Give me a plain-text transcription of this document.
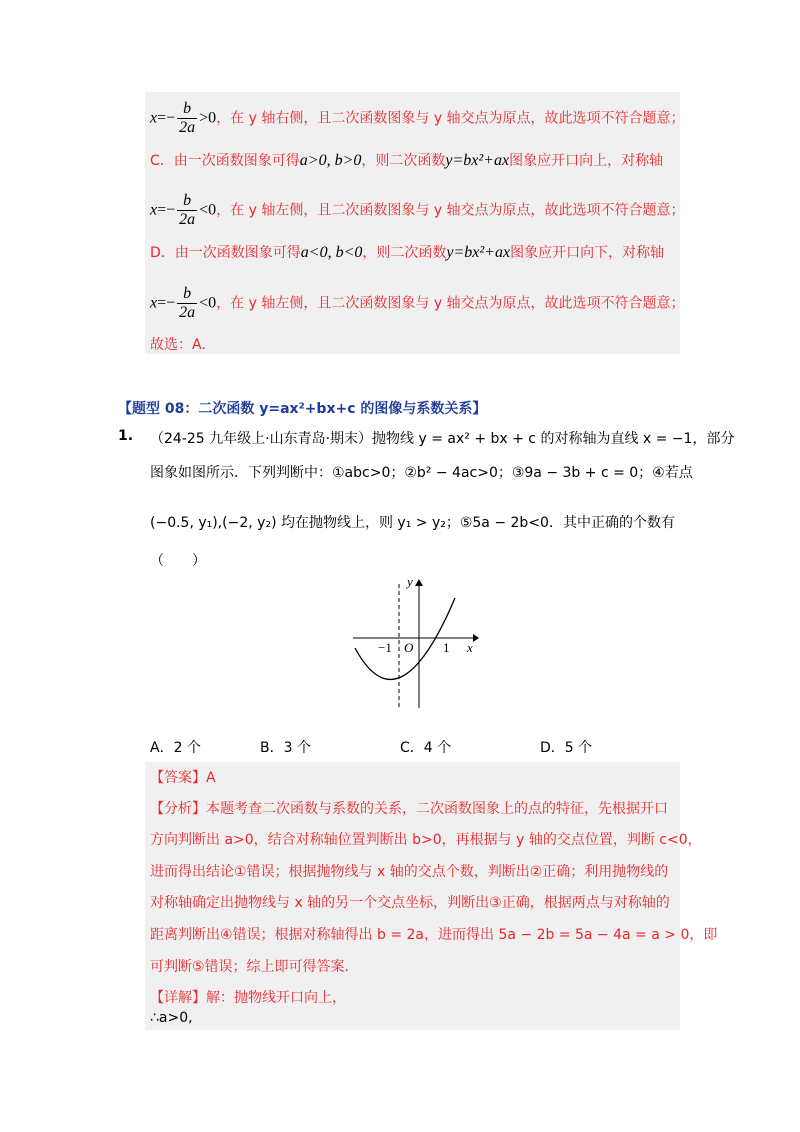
$x=- \frac{b}{2a} >0$，在 y 轴右侧，且二次函数图象与 y 轴交点为原点，故此选项不符合题意；
C．由一次函数图象可得a>0, b>0，则二次函数y=bx²+ax图象应开口向上，对称轴
$x=- \frac{b}{2a} <0$，在 y 轴左侧，且二次函数图象与 y 轴交点为原点，故此选项不符合题意；
D．由一次函数图象可得a<0, b<0，则二次函数y=bx²+ax图象应开口向下，对称轴
$x=- \frac{b}{2a} <0$，在 y 轴左侧，且二次函数图象与 y 轴交点为原点，故此选项不符合题意；
故选：A.
【题型 08：二次函数 y=ax²+bx+c 的图像与系数关系】
1. （24-25 九年级上·山东青岛·期末）抛物线 y = ax² + bx + c 的对称轴为直线 x = −1，部分
图象如图所示．下列判断中：①abc>0；②b² − 4ac>0；③9a − 3b + c = 0；④若点
(−0.5, y₁),(−2, y₂) 均在抛物线上，则 y₁ > y₂；⑤5a − 2b<0．其中正确的个数有
（　　）
y
x
−1 O 1
A．2 个	B．3 个	C．4 个	D．5 个
【答案】A
【分析】本题考查二次函数与系数的关系，二次函数图象上的点的特征，先根据开口
方向判断出 a>0，结合对称轴位置判断出 b>0，再根据与 y 轴的交点位置，判断 c<0，
进而得出结论①错误；根据抛物线与 x 轴的交点个数，判断出②正确；利用抛物线的
对称轴确定出抛物线与 x 轴的另一个交点坐标，判断出③正确，根据两点与对称轴的
距离判断出④错误；根据对称轴得出 b = 2a，进而得出 5a − 2b = 5a − 4a = a > 0，即
可判断⑤错误；综上即可得答案.
【详解】解：抛物线开口向上，
∴a>0,
